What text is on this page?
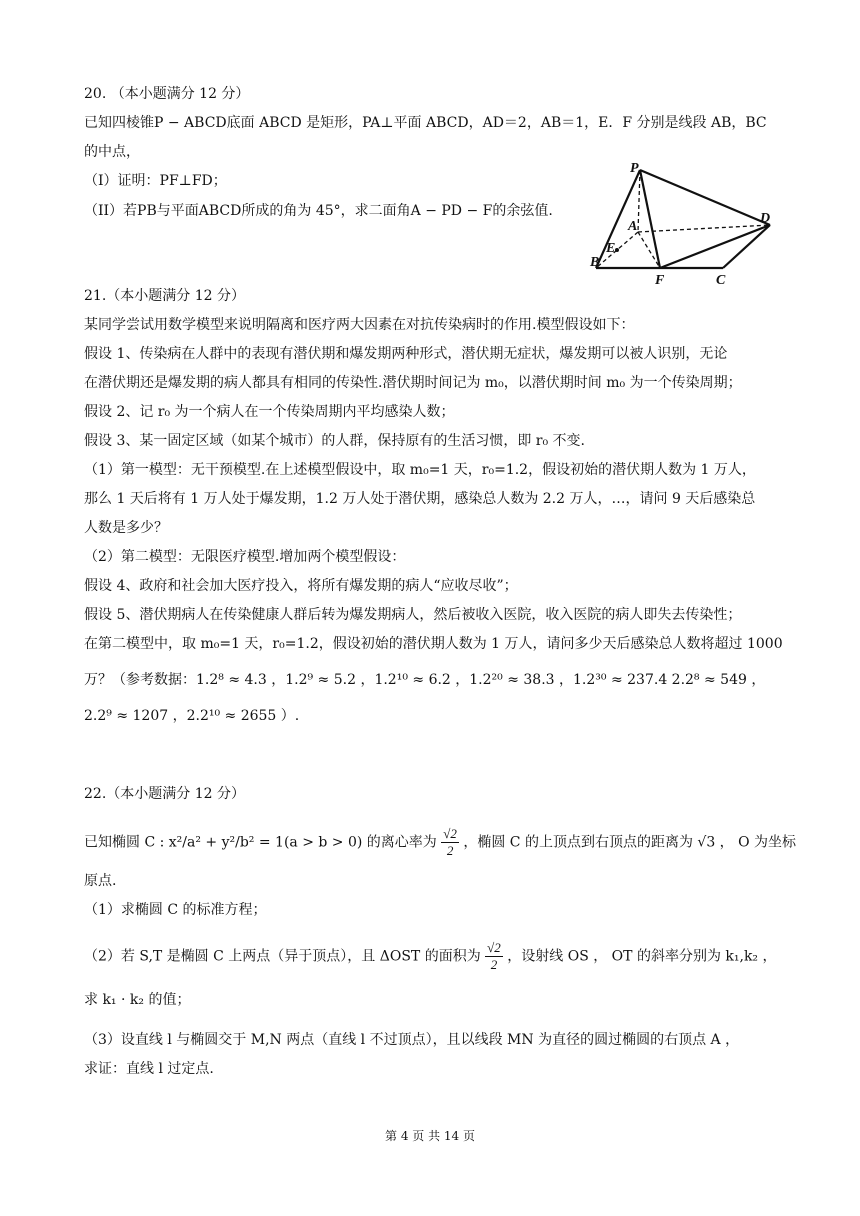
20. （本小题满分 12 分）
已知四棱锥P − ABCD底面 ABCD 是矩形，PA⊥平面 ABCD，AD＝2，AB＝1，E．F 分别是线段 AB，BC
的中点，
（I）证明：PF⊥FD；
（II）若PB与平面ABCD所成的角为 45°，求二面角A − PD − F的余弦值.
P
A
D
E
B
F	C
21.（本小题满分 12 分）
某同学尝试用数学模型来说明隔离和医疗两大因素在对抗传染病时的作用.模型假设如下：
假设 1、传染病在人群中的表现有潜伏期和爆发期两种形式，潜伏期无症状，爆发期可以被人识别，无论
在潜伏期还是爆发期的病人都具有相同的传染性.潜伏期时间记为 m₀，以潜伏期时间 m₀ 为一个传染周期；
假设 2、记 r₀ 为一个病人在一个传染周期内平均感染人数；
假设 3、某一固定区域（如某个城市）的人群，保持原有的生活习惯，即 r₀ 不变.
（1）第一模型：无干预模型.在上述模型假设中，取 m₀=1 天，r₀=1.2，假设初始的潜伏期人数为 1 万人，
那么 1 天后将有 1 万人处于爆发期，1.2 万人处于潜伏期，感染总人数为 2.2 万人，…，请问 9 天后感染总
人数是多少？
（2）第二模型：无限医疗模型.增加两个模型假设：
假设 4、政府和社会加大医疗投入，将所有爆发期的病人“应收尽收”；
假设 5、潜伏期病人在传染健康人群后转为爆发期病人，然后被收入医院，收入医院的病人即失去传染性；
在第二模型中，取 m₀=1 天，r₀=1.2，假设初始的潜伏期人数为 1 万人，请问多少天后感染总人数将超过 1000
万？（参考数据：1.2⁸ ≈ 4.3 ，1.2⁹ ≈ 5.2 ，1.2¹⁰ ≈ 6.2 ，1.2²⁰ ≈ 38.3 ，1.2³⁰ ≈ 237.4 2.2⁸ ≈ 549 ，
2.2⁹ ≈ 1207 ，2.2¹⁰ ≈ 2655 ）.
22.（本小题满分 12 分）
已知椭圆 C : x²/a² + y²/b² = 1(a > b > 0) 的离心率为 $\frac{√2}{2}$ ，椭圆 C 的上顶点到右顶点的距离为 √3 ， O 为坐标
原点.
（1）求椭圆 C 的标准方程；
（2）若 S,T 是椭圆 C 上两点（异于顶点），且 ΔOST 的面积为 $\frac{√2}{2}$ ，设射线 OS ， OT 的斜率分别为 k₁,k₂ ，
求 k₁ · k₂ 的值；
（3）设直线 l 与椭圆交于 M,N 两点（直线 l 不过顶点），且以线段 MN 为直径的圆过椭圆的右顶点 A ，
求证：直线 l 过定点.
第 4 页 共 14 页
